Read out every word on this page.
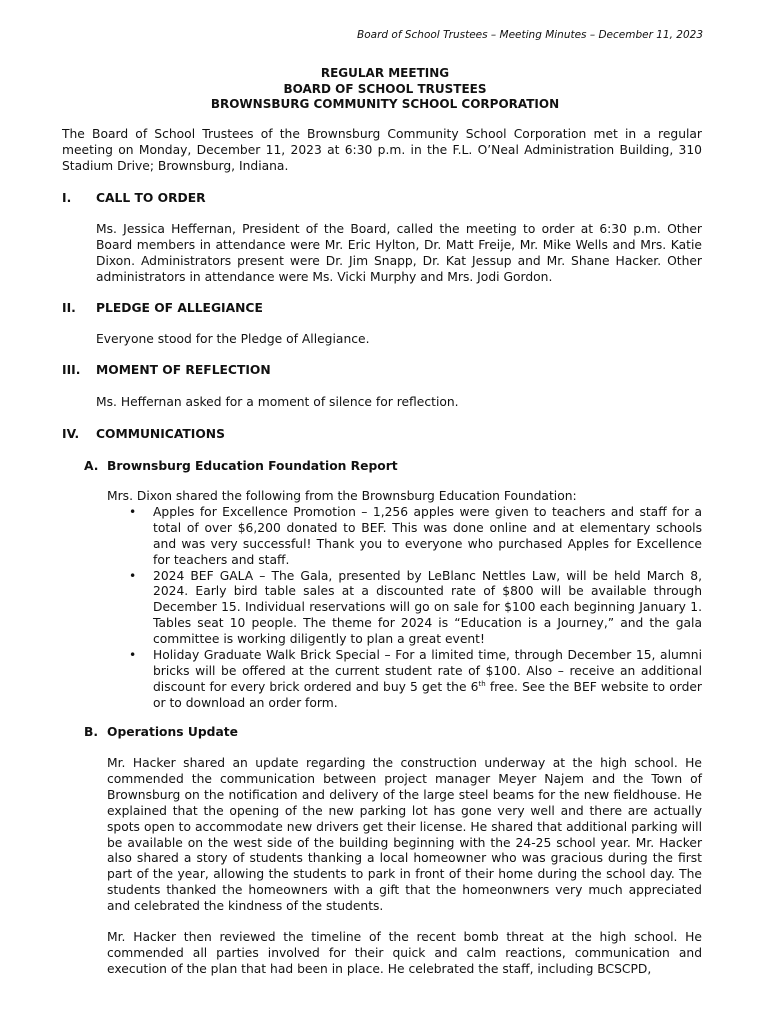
Board of School Trustees – Meeting Minutes – December 11, 2023
REGULAR MEETING
BOARD OF SCHOOL TRUSTEES
BROWNSBURG COMMUNITY SCHOOL CORPORATION
The Board of School Trustees of the Brownsburg Community School Corporation met in a regular meeting on Monday, December 11, 2023 at 6:30 p.m. in the F.L. O’Neal Administration Building, 310 Stadium Drive; Brownsburg, Indiana.
I.	CALL TO ORDER
Ms. Jessica Heffernan, President of the Board, called the meeting to order at 6:30 p.m. Other Board members in attendance were Mr. Eric Hylton, Dr. Matt Freije, Mr. Mike Wells and Mrs. Katie Dixon. Administrators present were Dr. Jim Snapp, Dr. Kat Jessup and Mr. Shane Hacker. Other administrators in attendance were Ms. Vicki Murphy and Mrs. Jodi Gordon.
II.	PLEDGE OF ALLEGIANCE
Everyone stood for the Pledge of Allegiance.
III.	MOMENT OF REFLECTION
Ms. Heffernan asked for a moment of silence for reflection.
IV.	COMMUNICATIONS
A. Brownsburg Education Foundation Report
Mrs. Dixon shared the following from the Brownsburg Education Foundation:
• Apples for Excellence Promotion – 1,256 apples were given to teachers and staff for a total of over $6,200 donated to BEF. This was done online and at elementary schools and was very successful! Thank you to everyone who purchased Apples for Excellence for teachers and staff.
• 2024 BEF GALA – The Gala, presented by LeBlanc Nettles Law, will be held March 8, 2024. Early bird table sales at a discounted rate of $800 will be available through December 15. Individual reservations will go on sale for $100 each beginning January 1. Tables seat 10 people. The theme for 2024 is “Education is a Journey,” and the gala committee is working diligently to plan a great event!
• Holiday Graduate Walk Brick Special – For a limited time, through December 15, alumni bricks will be offered at the current student rate of $100. Also – receive an additional discount for every brick ordered and buy 5 get the 6th free. See the BEF website to order or to download an order form.
B. Operations Update
Mr. Hacker shared an update regarding the construction underway at the high school. He commended the communication between project manager Meyer Najem and the Town of Brownsburg on the notification and delivery of the large steel beams for the new fieldhouse. He explained that the opening of the new parking lot has gone very well and there are actually spots open to accommodate new drivers get their license. He shared that additional parking will be available on the west side of the building beginning with the 24-25 school year. Mr. Hacker also shared a story of students thanking a local homeowner who was gracious during the first part of the year, allowing the students to park in front of their home during the school day. The students thanked the homeowners with a gift that the homeonwners very much appreciated and celebrated the kindness of the students.
Mr. Hacker then reviewed the timeline of the recent bomb threat at the high school. He commended all parties involved for their quick and calm reactions, communication and execution of the plan that had been in place. He celebrated the staff, including BCSCPD,
